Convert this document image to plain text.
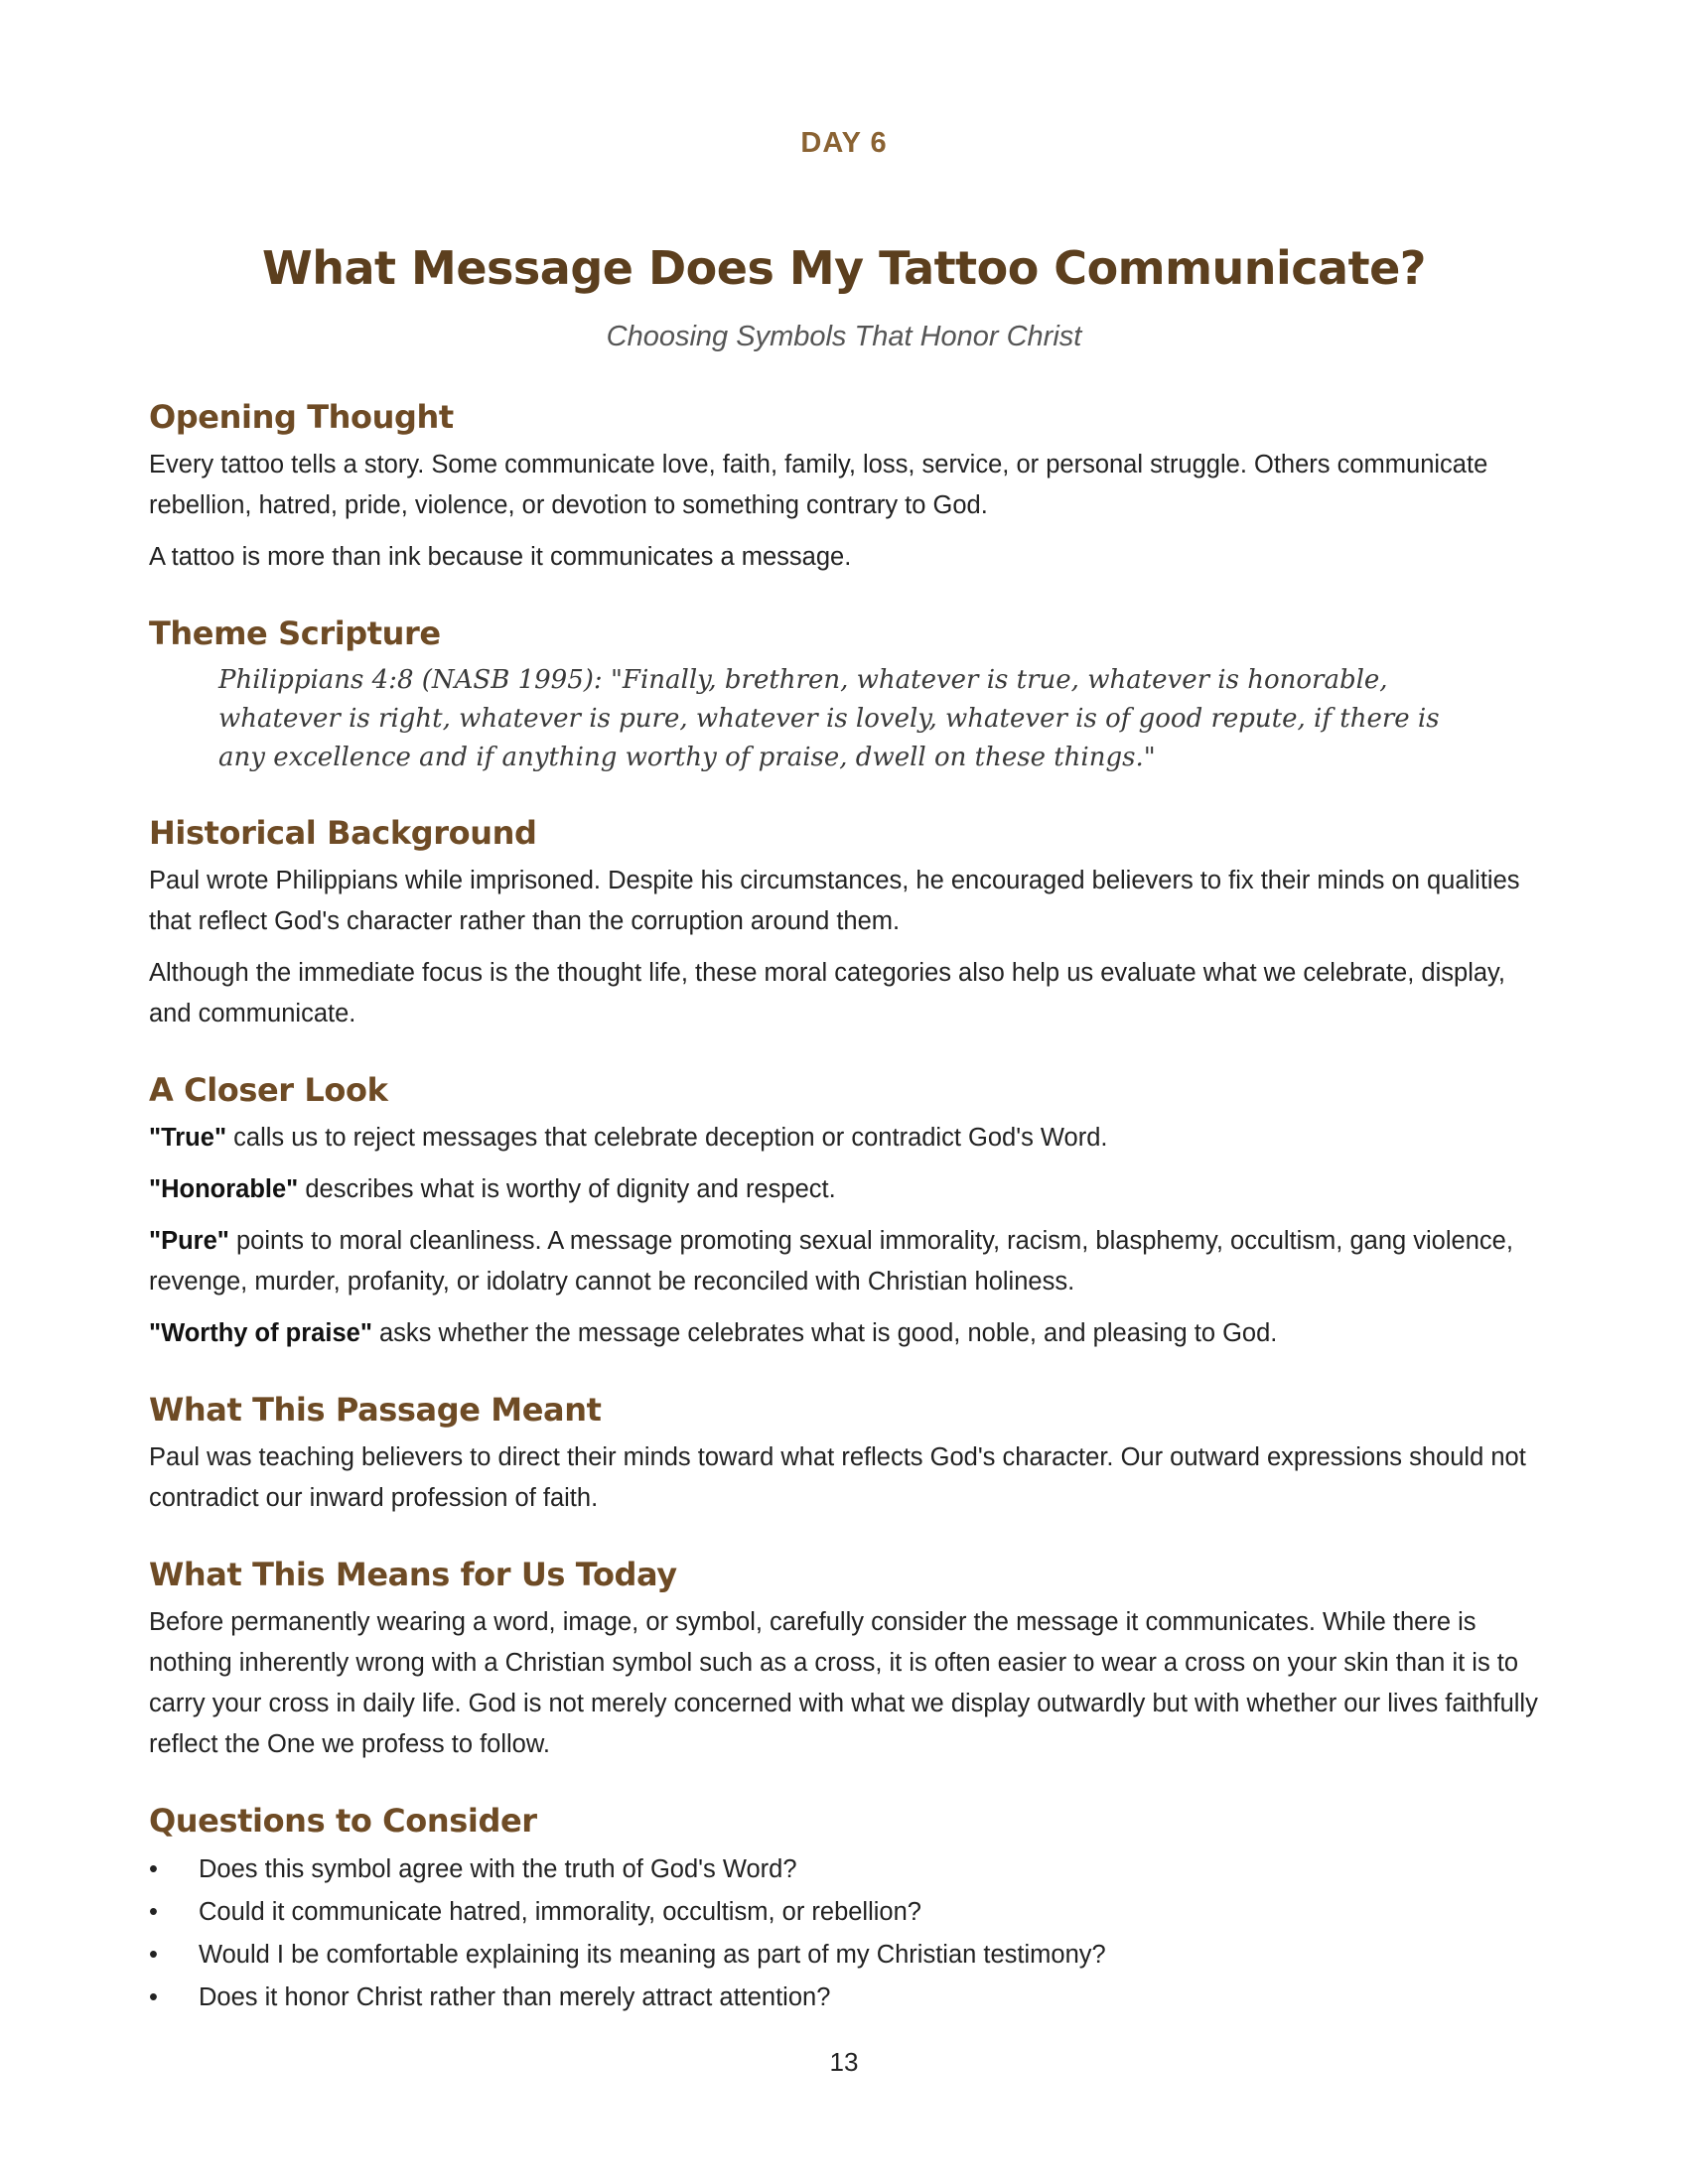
DAY 6
What Message Does My Tattoo Communicate?
Choosing Symbols That Honor Christ
Opening Thought

Every tattoo tells a story. Some communicate love, faith, family, loss, service, or personal struggle. Others communicate rebellion, hatred, pride, violence, or devotion to something contrary to God.

A tattoo is more than ink because it communicates a message.

Theme Scripture
Philippians 4:8 (NASB 1995): "Finally, brethren, whatever is true, whatever is honorable, whatever is right, whatever is pure, whatever is lovely, whatever is of good repute, if there is any excellence and if anything worthy of praise, dwell on these things."
Historical Background

Paul wrote Philippians while imprisoned. Despite his circumstances, he encouraged believers to fix their minds on qualities that reflect God's character rather than the corruption around them.

Although the immediate focus is the thought life, these moral categories also help us evaluate what we celebrate, display, and communicate.

A Closer Look

"True" calls us to reject messages that celebrate deception or contradict God's Word.

"Honorable" describes what is worthy of dignity and respect.

"Pure" points to moral cleanliness. A message promoting sexual immorality, racism, blasphemy, occultism, gang violence, revenge, murder, profanity, or idolatry cannot be reconciled with Christian holiness.

"Worthy of praise" asks whether the message celebrates what is good, noble, and pleasing to God.

What This Passage Meant

Paul was teaching believers to direct their minds toward what reflects God's character. Our outward expressions should not contradict our inward profession of faith.

What This Means for Us Today

Before permanently wearing a word, image, or symbol, carefully consider the message it communicates. While there is nothing inherently wrong with a Christian symbol such as a cross, it is often easier to wear a cross on your skin than it is to carry your cross in daily life. God is not merely concerned with what we display outwardly but with whether our lives faithfully reflect the One we profess to follow.

Questions to Consider
• Does this symbol agree with the truth of God's Word?
• Could it communicate hatred, immorality, occultism, or rebellion?
• Would I be comfortable explaining its meaning as part of my Christian testimony?
• Does it honor Christ rather than merely attract attention?
13
